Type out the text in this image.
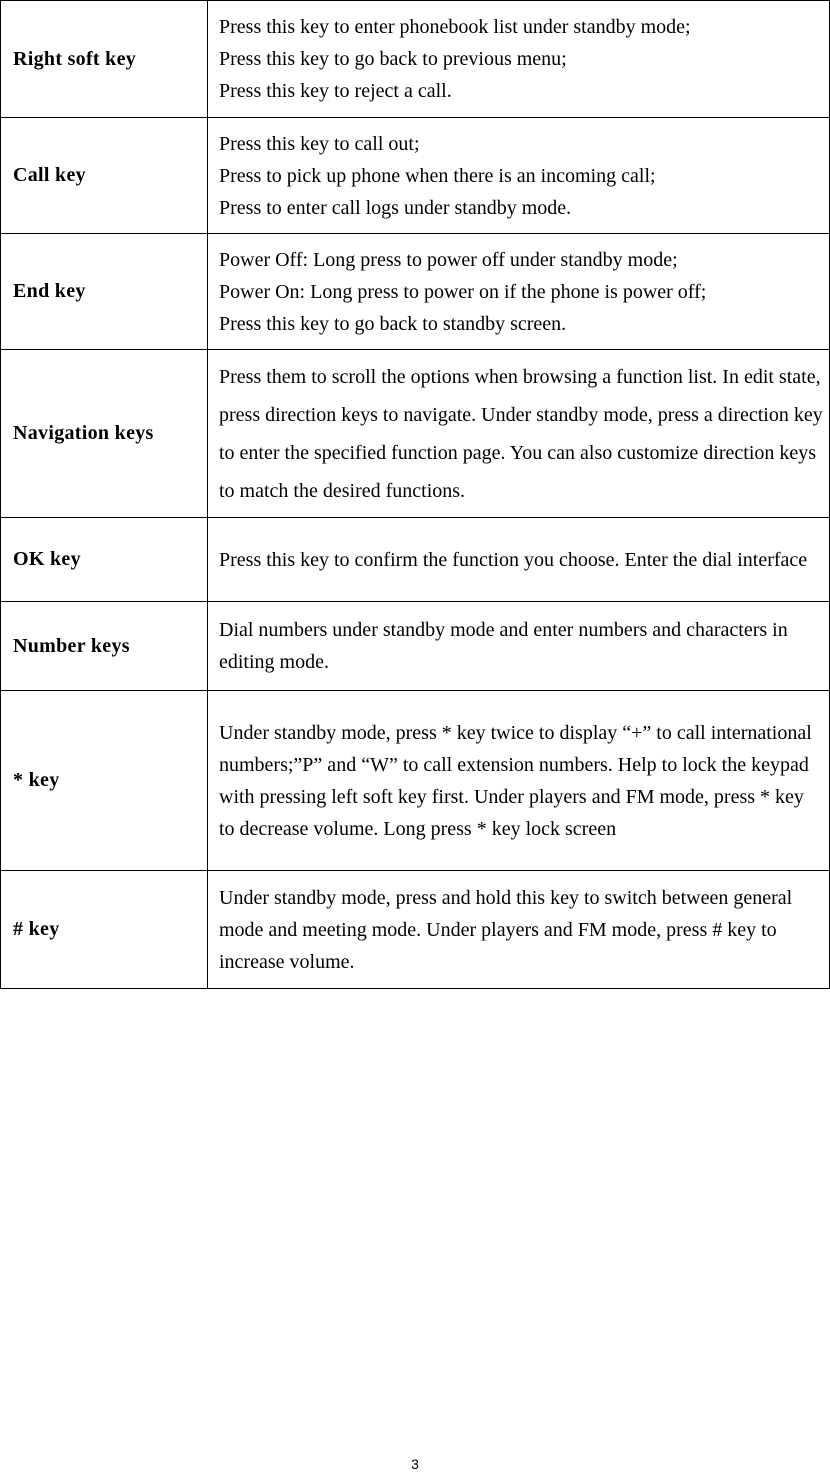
Right soft key	Press this key to enter phonebook list under standby mode;
Press this key to go back to previous menu;
Press this key to reject a call.

Call key	Press this key to call out;
Press to pick up phone when there is an incoming call;
Press to enter call logs under standby mode.

End key	Power Off: Long press to power off under standby mode;
Power On: Long press to power on if the phone is power off;
Press this key to go back to standby screen.

Navigation keys	Press them to scroll the options when browsing a function list. In edit state, press direction keys to navigate. Under standby mode, press a direction key to enter the specified function page. You can also customize direction keys to match the desired functions.

OK key	Press this key to confirm the function you choose. Enter the dial interface

Number keys	Dial numbers under standby mode and enter numbers and characters in editing mode.

* key	Under standby mode, press * key twice to display “+” to call international numbers;”P” and “W” to call extension numbers. Help to lock the keypad with pressing left soft key first. Under players and FM mode, press * key to decrease volume. Long press * key lock screen

# key	Under standby mode, press and hold this key to switch between general mode and meeting mode. Under players and FM mode, press # key to increase volume.
3
